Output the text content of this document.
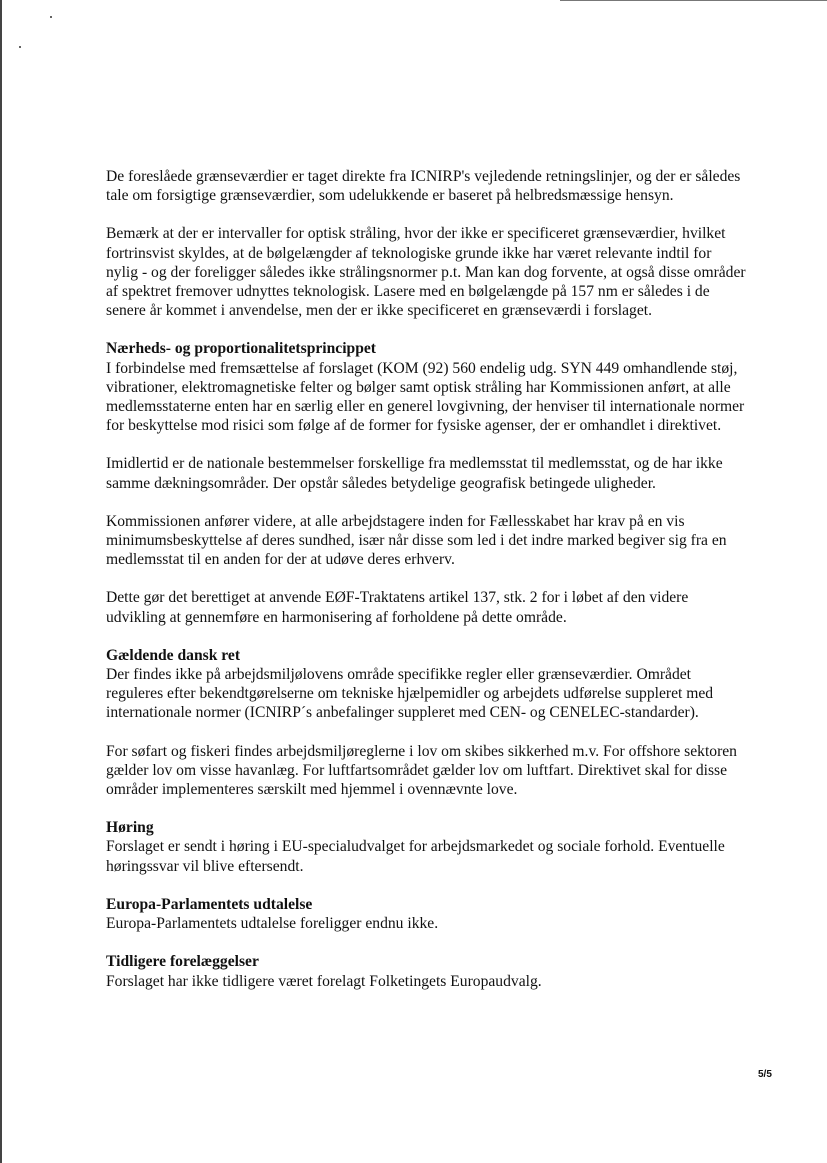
De foreslåede grænseværdier er taget direkte fra ICNIRP's vejledende retningslinjer, og der er således tale om forsigtige grænseværdier, som udelukkende er baseret på helbredsmæssige hensyn.

Bemærk at der er intervaller for optisk stråling, hvor der ikke er specificeret grænseværdier, hvilket fortrinsvist skyldes, at de bølgelængder af teknologiske grunde ikke har været relevante indtil for nylig - og der foreligger således ikke strålingsnormer p.t. Man kan dog forvente, at også disse områder af spektret fremover udnyttes teknologisk. Lasere med en bølgelængde på 157 nm er således i de senere år kommet i anvendelse, men der er ikke specificeret en grænseværdi i forslaget.

Nærheds- og proportionalitetsprincippet

I forbindelse med fremsættelse af forslaget (KOM (92) 560 endelig udg. SYN 449 omhandlende støj, vibrationer, elektromagnetiske felter og bølger samt optisk stråling har Kommissionen anført, at alle medlemsstaterne enten har en særlig eller en generel lovgivning, der henviser til internationale normer for beskyttelse mod risici som følge af de former for fysiske agenser, der er omhandlet i direktivet.

Imidlertid er de nationale bestemmelser forskellige fra medlemsstat til medlemsstat, og de har ikke samme dækningsområder. Der opstår således betydelige geografisk betingede uligheder.

Kommissionen anfører videre, at alle arbejdstagere inden for Fællesskabet har krav på en vis minimumsbeskyttelse af deres sundhed, især når disse som led i det indre marked begiver sig fra en medlemsstat til en anden for der at udøve deres erhverv.

Dette gør det berettiget at anvende EØF-Traktatens artikel 137, stk. 2 for i løbet af den videre udvikling at gennemføre en harmonisering af forholdene på dette område.

Gældende dansk ret

Der findes ikke på arbejdsmiljølovens område specifikke regler eller grænseværdier. Området reguleres efter bekendtgørelserne om tekniske hjælpemidler og arbejdets udførelse suppleret med internationale normer (ICNIRP´s anbefalinger suppleret med CEN- og CENELEC-standarder).

For søfart og fiskeri findes arbejdsmiljøreglerne i lov om skibes sikkerhed m.v. For offshore sektoren gælder lov om visse havanlæg. For luftfartsområdet gælder lov om luftfart. Direktivet skal for disse områder implementeres særskilt med hjemmel i ovennævnte love.

Høring

Forslaget er sendt i høring i EU-specialudvalget for arbejdsmarkedet og sociale forhold. Eventuelle høringssvar vil blive eftersendt.

Europa-Parlamentets udtalelse

Europa-Parlamentets udtalelse foreligger endnu ikke.

Tidligere forelæggelser

Forslaget har ikke tidligere været forelagt Folketingets Europaudvalg.

5/5
